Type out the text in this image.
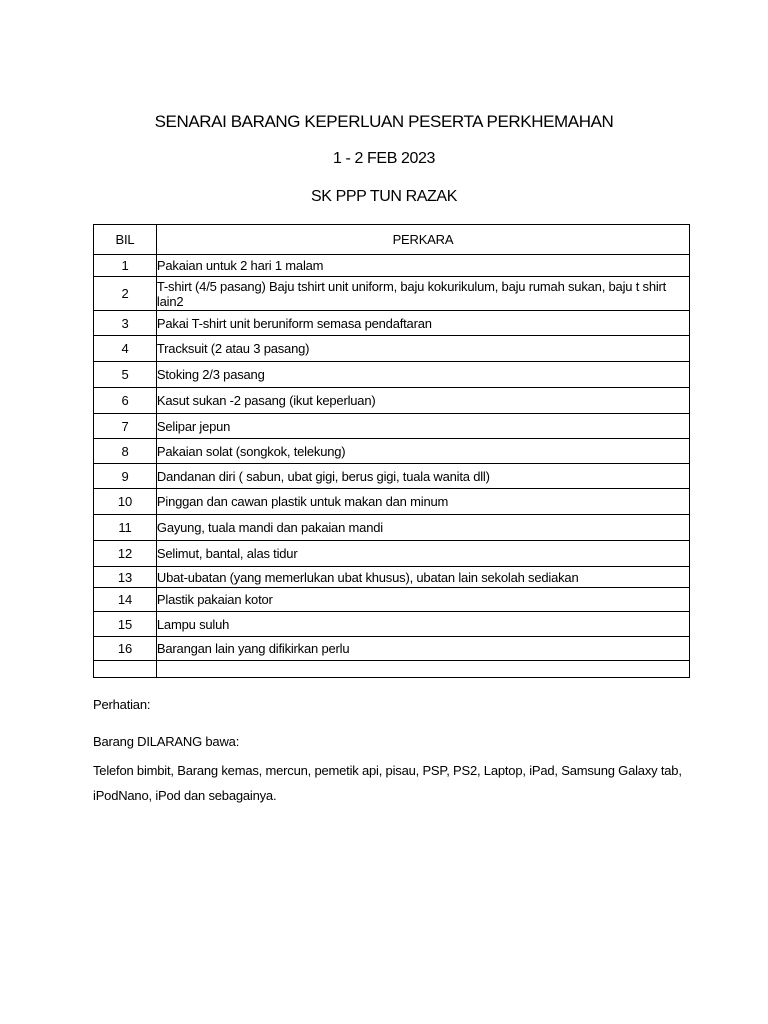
SENARAI BARANG KEPERLUAN PESERTA PERKHEMAHAN
1 - 2 FEB 2023
SK PPP TUN RAZAK
BIL	PERKARA
1	Pakaian untuk 2 hari 1 malam
2	T-shirt (4/5 pasang) Baju tshirt unit uniform, baju kokurikulum, baju rumah sukan, baju t shirt lain2
3	Pakai T-shirt unit beruniform semasa pendaftaran
4	Tracksuit (2 atau 3 pasang)
5	Stoking 2/3 pasang
6	Kasut sukan -2 pasang (ikut keperluan)
7	Selipar jepun
8	Pakaian solat (songkok, telekung)
9	Dandanan diri ( sabun, ubat gigi, berus gigi, tuala wanita dll)
10	Pinggan dan cawan plastik untuk makan dan minum
11	Gayung, tuala mandi dan pakaian mandi
12	Selimut, bantal, alas tidur
13	Ubat-ubatan (yang memerlukan ubat khusus), ubatan lain sekolah sediakan
14	Plastik pakaian kotor
15	Lampu suluh
16	Barangan lain yang difikirkan perlu

Perhatian:

Barang DILARANG bawa:

Telefon bimbit, Barang kemas, mercun, pemetik api, pisau, PSP, PS2, Laptop, iPad, Samsung Galaxy tab, iPodNano, iPod dan sebagainya.
